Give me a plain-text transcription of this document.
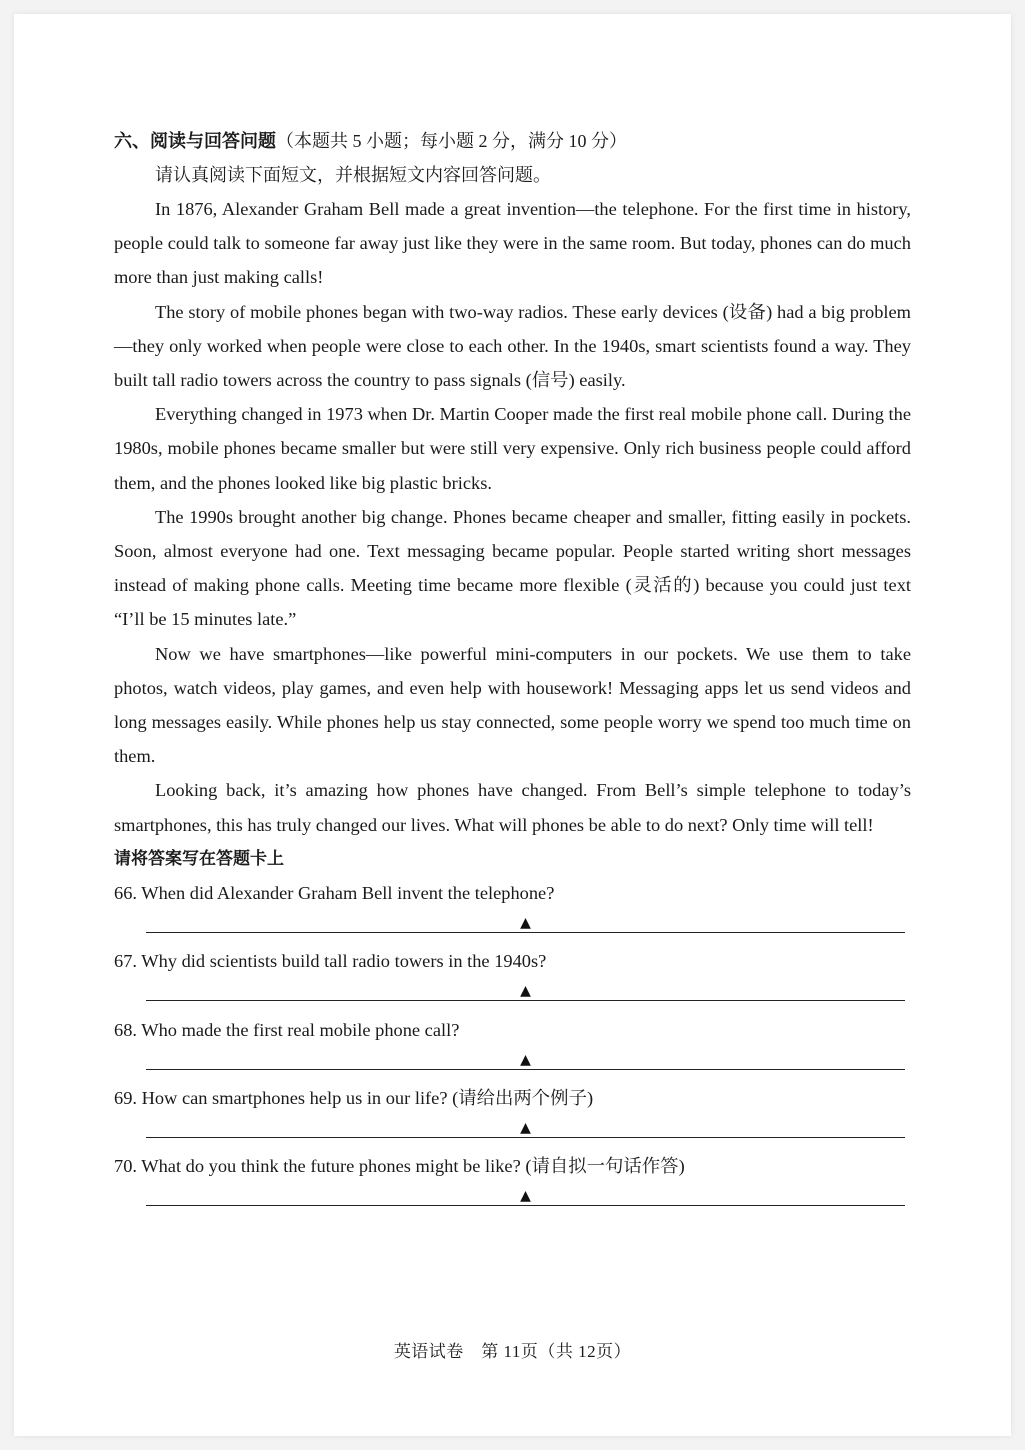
六、阅读与回答问题（本题共 5 小题；每小题 2 分，满分 10 分）
请认真阅读下面短文，并根据短文内容回答问题。

In 1876, Alexander Graham Bell made a great invention—the telephone. For the first time in history, people could talk to someone far away just like they were in the same room. But today, phones can do much more than just making calls!

The story of mobile phones began with two-way radios. These early devices (设备) had a big problem—they only worked when people were close to each other. In the 1940s, smart scientists found a way. They built tall radio towers across the country to pass signals (信号) easily.

Everything changed in 1973 when Dr. Martin Cooper made the first real mobile phone call. During the 1980s, mobile phones became smaller but were still very expensive. Only rich business people could afford them, and the phones looked like big plastic bricks.

The 1990s brought another big change. Phones became cheaper and smaller, fitting easily in pockets. Soon, almost everyone had one. Text messaging became popular. People started writing short messages instead of making phone calls. Meeting time became more flexible (灵活的) because you could just text “I’ll be 15 minutes late.”

Now we have smartphones—like powerful mini-computers in our pockets. We use them to take photos, watch videos, play games, and even help with housework! Messaging apps let us send videos and long messages easily. While phones help us stay connected, some people worry we spend too much time on them.

Looking back, it’s amazing how phones have changed. From Bell’s simple telephone to today’s smartphones, this has truly changed our lives. What will phones be able to do next? Only time will tell!

请将答案写在答题卡上
66. When did Alexander Graham Bell invent the telephone?
▲
67. Why did scientists build tall radio towers in the 1940s?
▲
68. Who made the first real mobile phone call?
▲
69. How can smartphones help us in our life? (请给出两个例子)
▲
70. What do you think the future phones might be like? (请自拟一句话作答)
▲
英语试卷　第 11页（共 12页）
